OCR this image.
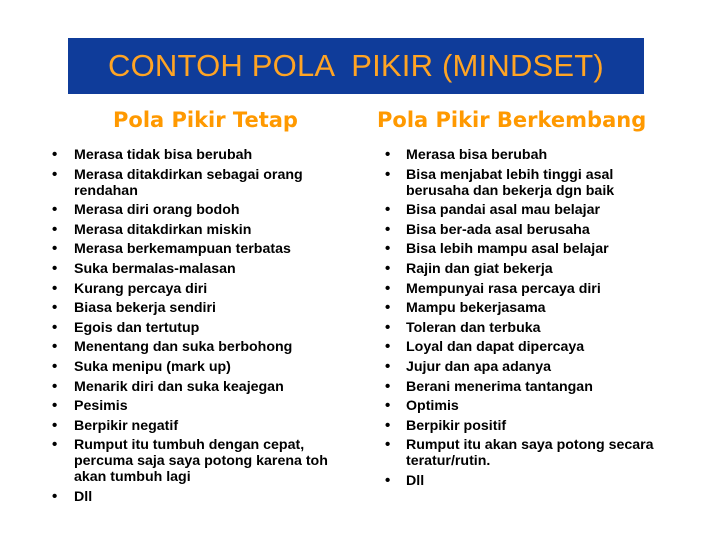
CONTOH POLA  PIKIR (MINDSET)
Pola Pikir Tetap	Pola Pikir Berkembang
• Merasa tidak bisa berubah
• Merasa ditakdirkan sebagai orang rendahan
• Merasa diri orang bodoh
• Merasa ditakdirkan miskin
• Merasa berkemampuan terbatas
• Suka bermalas-malasan
• Kurang percaya diri
• Biasa bekerja sendiri
• Egois dan tertutup
• Menentang dan suka berbohong
• Suka menipu (mark up)
• Menarik diri dan suka keajegan
• Pesimis
• Berpikir negatif
• Rumput itu tumbuh dengan cepat, percuma saja saya potong karena toh akan tumbuh lagi
• Dll
• Merasa bisa berubah
• Bisa menjabat lebih tinggi asal berusaha dan bekerja dgn baik
• Bisa pandai asal mau belajar
• Bisa ber-ada asal berusaha
• Bisa lebih mampu asal belajar
• Rajin dan giat bekerja
• Mempunyai rasa percaya diri
• Mampu bekerjasama
• Toleran dan terbuka
• Loyal dan dapat dipercaya
• Jujur dan apa adanya
• Berani menerima tantangan
• Optimis
• Berpikir positif
• Rumput itu akan saya potong secara teratur/rutin.
• Dll
